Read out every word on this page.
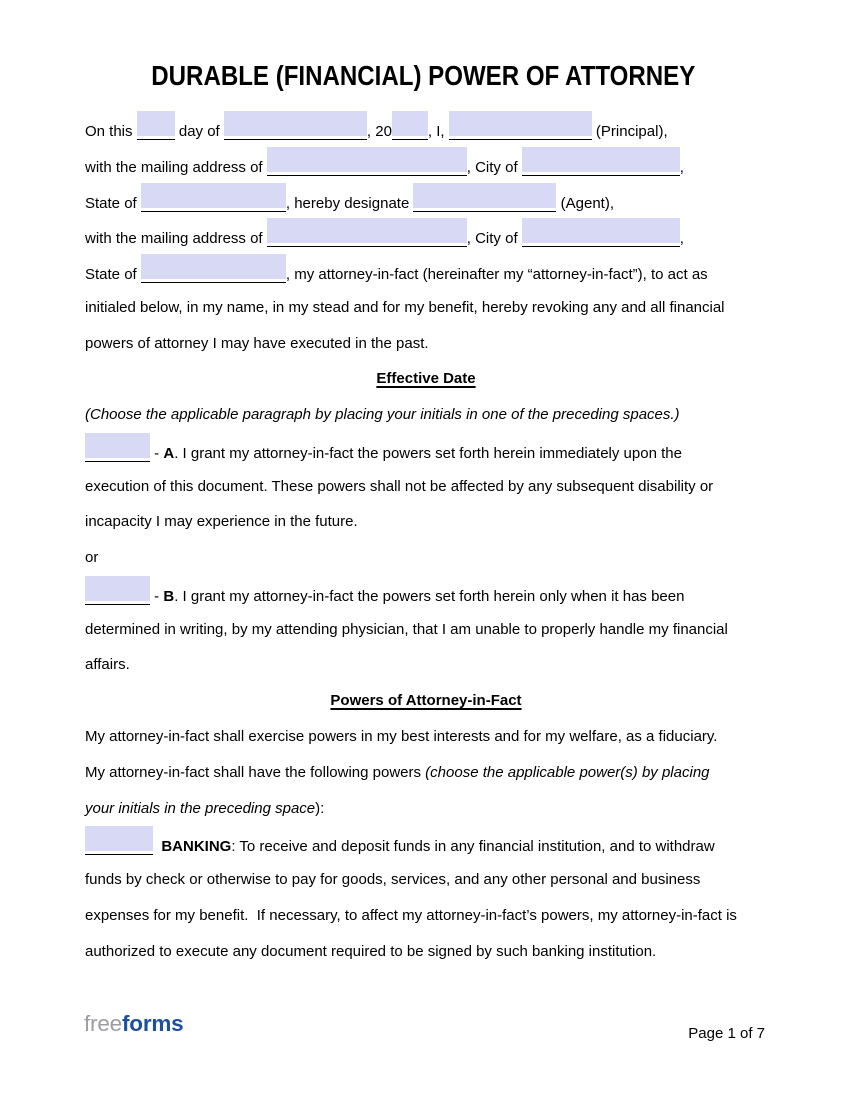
DURABLE (FINANCIAL) POWER OF ATTORNEY
On this	day of	, 20 , I,	(Principal),
with the mailing address of	, City of	,
State of	, hereby designate	(Agent),
with the mailing address of	, City of	,
State of	, my attorney-in-fact (hereinafter my “attorney-in-fact”), to act as
initialed below, in my name, in my stead and for my benefit, hereby revoking any and all financial
powers of attorney I may have executed in the past.
Effective Date
(Choose the applicable paragraph by placing your initials in one of the preceding spaces.)
- A. I grant my attorney-in-fact the powers set forth herein immediately upon the
execution of this document. These powers shall not be affected by any subsequent disability or
incapacity I may experience in the future.
or
- B. I grant my attorney-in-fact the powers set forth herein only when it has been
determined in writing, by my attending physician, that I am unable to properly handle my financial
affairs.
Powers of Attorney-in-Fact
My attorney-in-fact shall exercise powers in my best interests and for my welfare, as a fiduciary.
My attorney-in-fact shall have the following powers (choose the applicable power(s) by placing
your initials in the preceding space):
BANKING: To receive and deposit funds in any financial institution, and to withdraw
funds by check or otherwise to pay for goods, services, and any other personal and business
expenses for my benefit.  If necessary, to affect my attorney-in-fact’s powers, my attorney-in-fact is
authorized to execute any document required to be signed by such banking institution.
freeforms	Page 1 of 7
